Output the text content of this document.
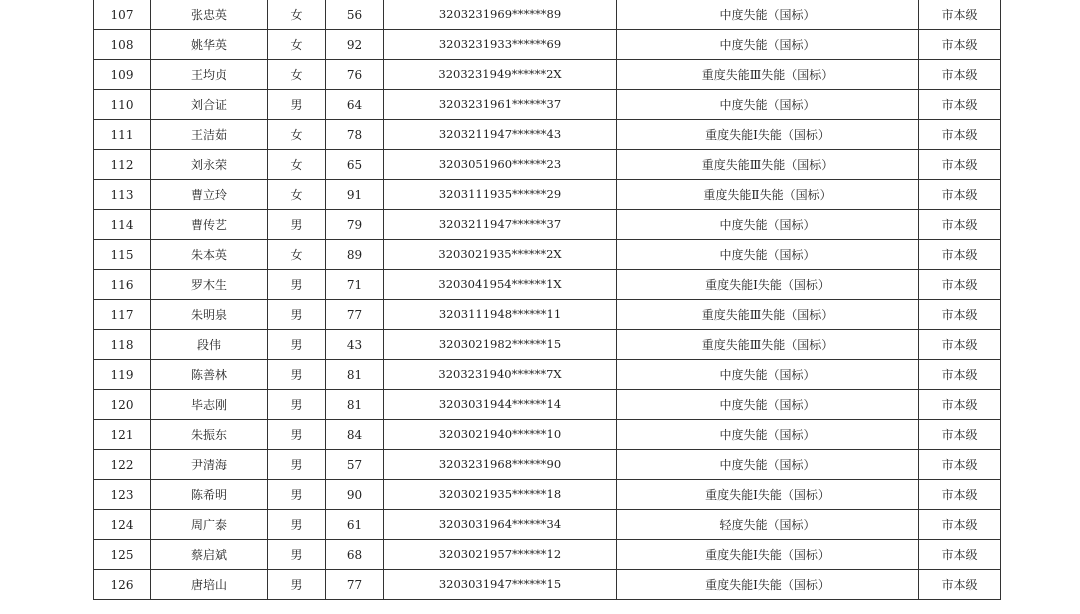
107	张忠英	女	56	3203231969******89	中度失能（国标）	市本级
108	姚华英	女	92	3203231933******69	中度失能（国标）	市本级
109	王均贞	女	76	3203231949******2X	重度失能Ⅲ失能（国标）	市本级
110	刘合证	男	64	3203231961******37	中度失能（国标）	市本级
111	王洁茹	女	78	3203211947******43	重度失能Ⅰ失能（国标）	市本级
112	刘永荣	女	65	3203051960******23	重度失能Ⅲ失能（国标）	市本级
113	曹立玲	女	91	3203111935******29	重度失能Ⅱ失能（国标）	市本级
114	曹传艺	男	79	3203211947******37	中度失能（国标）	市本级
115	朱本英	女	89	3203021935******2X	中度失能（国标）	市本级
116	罗木生	男	71	3203041954******1X	重度失能Ⅰ失能（国标）	市本级
117	朱明泉	男	77	3203111948******11	重度失能Ⅲ失能（国标）	市本级
118	段伟	男	43	3203021982******15	重度失能Ⅲ失能（国标）	市本级
119	陈善林	男	81	3203231940******7X	中度失能（国标）	市本级
120	毕志刚	男	81	3203031944******14	中度失能（国标）	市本级
121	朱振东	男	84	3203021940******10	中度失能（国标）	市本级
122	尹清海	男	57	3203231968******90	中度失能（国标）	市本级
123	陈希明	男	90	3203021935******18	重度失能Ⅰ失能（国标）	市本级
124	周广泰	男	61	3203031964******34	轻度失能（国标）	市本级
125	蔡启斌	男	68	3203021957******12	重度失能Ⅰ失能（国标）	市本级
126	唐培山	男	77	3203031947******15	重度失能Ⅰ失能（国标）	市本级
